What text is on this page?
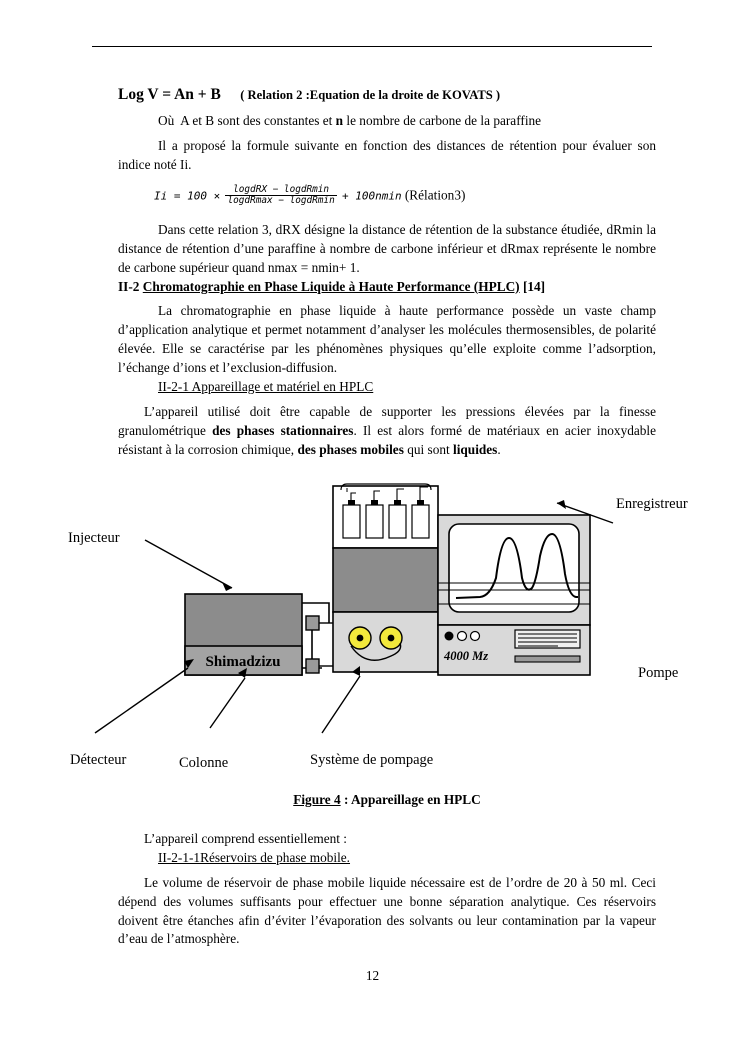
Log V = An + B ( Relation 2 :Equation de la droite de KOVATS )

Où  A et B sont des constantes et n le nombre de carbone de la paraffine

Il a proposé la formule suivante en fonction des distances de rétention pour évaluer son indice noté Ii.

$Ii = 100 \times \frac{\text{logdRX − logdRmin}}{\text{logdRmax − logdRmin}} + 100nmin$ (Rélation3)

Dans cette relation 3, dRX désigne la distance de rétention de la substance étudiée, dRmin la distance de rétention d’une paraffine à nombre de carbone inférieur et dRmax représente le nombre de carbone supérieur quand nmax = nmin+ 1.

II-2 Chromatographie en Phase Liquide à Haute Performance (HPLC) [14]

La chromatographie en phase liquide à haute performance possède un vaste champ d’application analytique et permet notamment d’analyser les molécules thermosensibles, de polarité élevée. Elle se caractérise par les phénomènes physiques qu’elle exploite comme l’adsorption, l’échange d’ions et l’exclusion-diffusion.

II-2-1 Appareillage et matériel en HPLC

L’appareil utilisé doit être capable de supporter les pressions élevées par la finesse granulométrique des phases stationnaires. Il est alors formé de matériaux en acier inoxydable résistant à la corrosion chimique, des phases mobiles qui sont liquides.

Shimadzizu	4000 Mz
Injecteur
Enregistreur
Pompe
Détecteur	Colonne	Système de pompage
Figure 4 : Appareillage en HPLC

L’appareil comprend essentiellement :

II-2-1-1Réservoirs de phase mobile.

Le volume de réservoir de phase mobile liquide nécessaire est de l’ordre de 20 à 50 ml. Ceci dépend des volumes suffisants pour effectuer une bonne séparation analytique. Ces réservoirs doivent être étanches afin d’éviter l’évaporation des solvants ou leur contamination par la vapeur d’eau de l’atmosphère.

12
